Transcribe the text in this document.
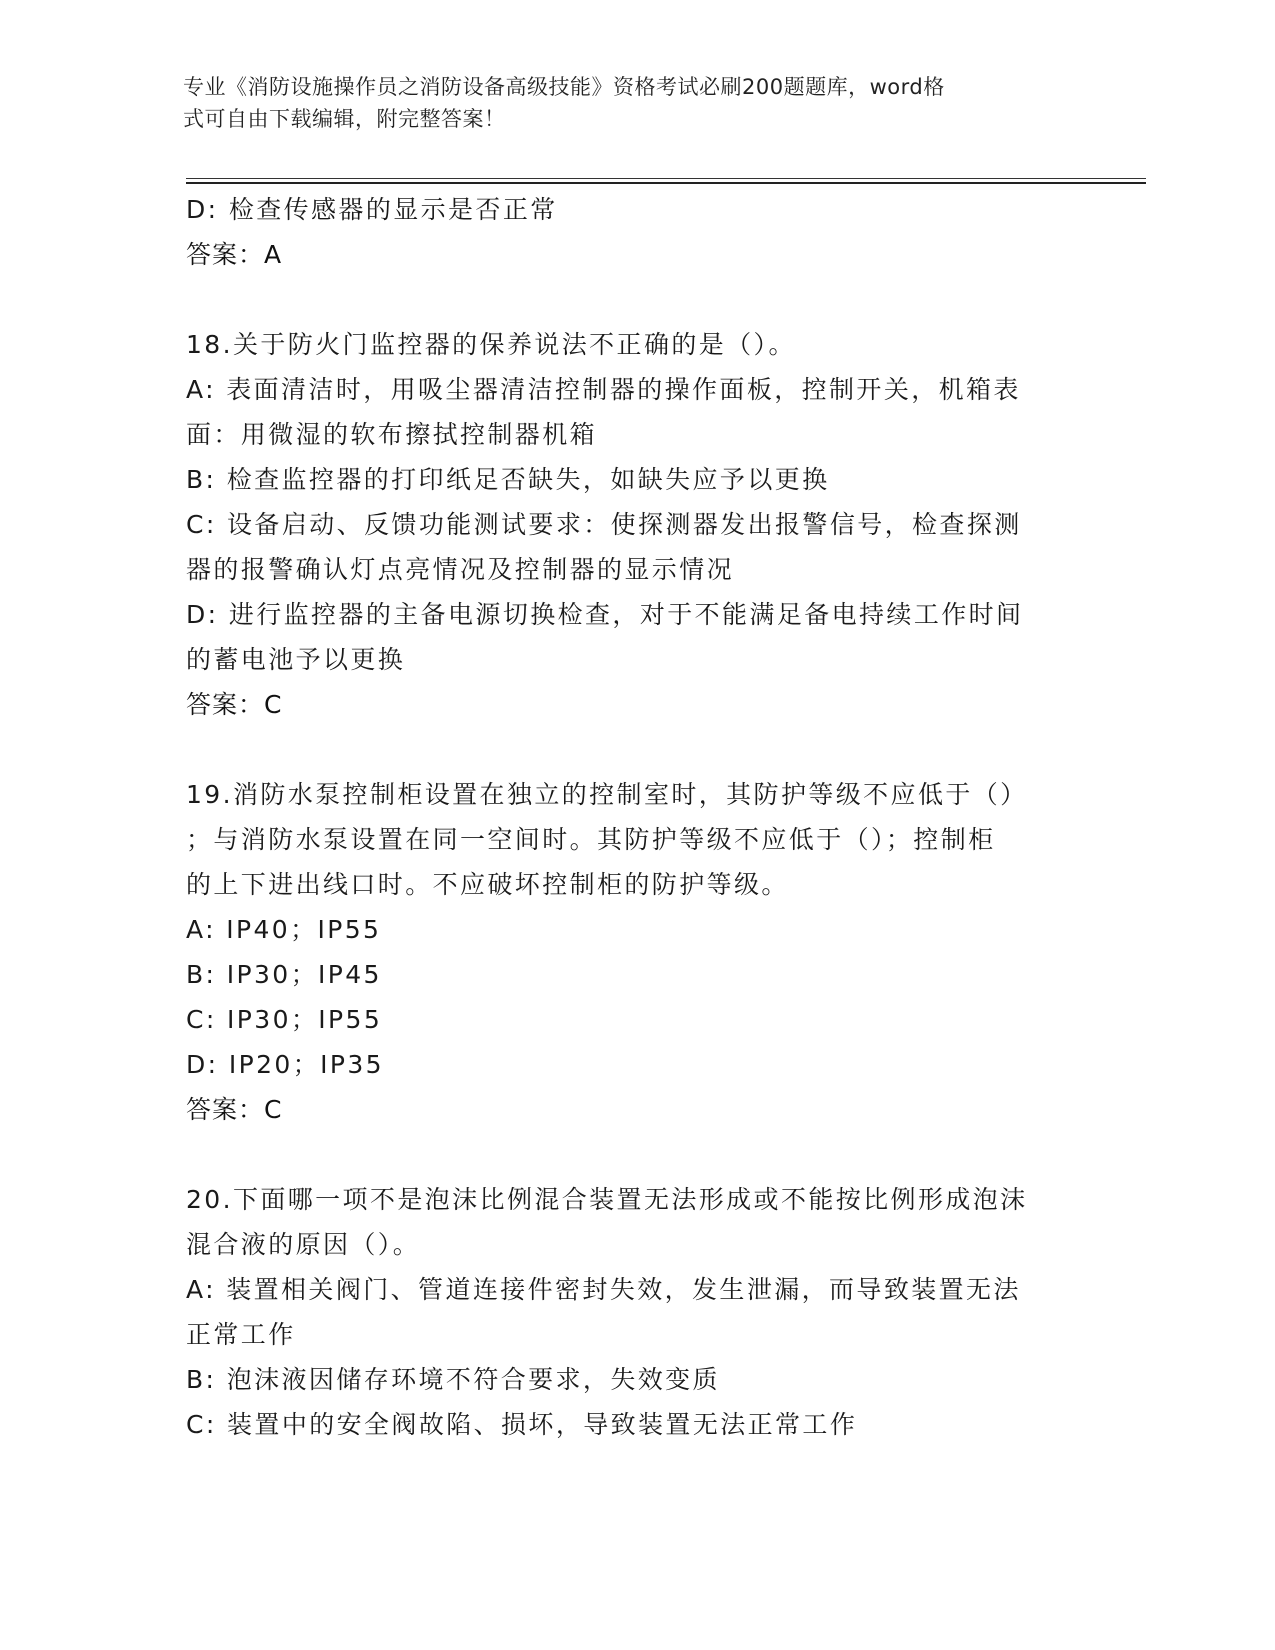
专业《消防设施操作员之消防设备高级技能》资格考试必刷200题题库，word格
式可自由下载编辑，附完整答案！
D: 检查传感器的显示是否正常
答案：A
18.关于防火门监控器的保养说法不正确的是（）。
A: 表面清洁时，用吸尘器清洁控制器的操作面板，控制开关，机箱表
面：用微湿的软布擦拭控制器机箱
B: 检查监控器的打印纸足否缺失，如缺失应予以更换
C: 设备启动、反馈功能测试要求：使探测器发出报警信号，检查探测
器的报警确认灯点亮情况及控制器的显示情况
D: 进行监控器的主备电源切换检查，对于不能满足备电持续工作时间
的蓄电池予以更换
答案：C
19.消防水泵控制柜设置在独立的控制室时，其防护等级不应低于（）
；与消防水泵设置在同一空间时。其防护等级不应低于（）；控制柜
的上下进出线口时。不应破坏控制柜的防护等级。
A: IP40；IP55
B: IP30；IP45
C: IP30；IP55
D: IP20；IP35
答案：C
20.下面哪一项不是泡沫比例混合装置无法形成或不能按比例形成泡沫
混合液的原因（）。
A: 装置相关阀门、管道连接件密封失效，发生泄漏，而导致装置无法
正常工作
B: 泡沫液因储存环境不符合要求，失效变质
C: 装置中的安全阀故陷、损坏，导致装置无法正常工作
